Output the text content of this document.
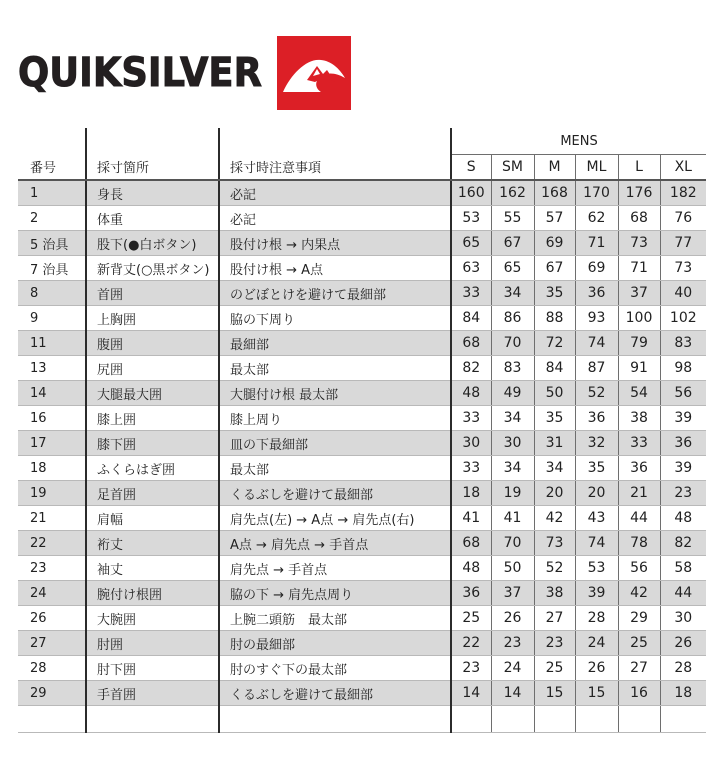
QUIKSILVER
			MENS					
番号	採寸箇所	採寸時注意事項	S	SM	M	ML	L	XL
1	身長	必記	160	162	168	170	176	182
2	体重	必記	53	55	57	62	68	76
5 治具	股下(●白ボタン)	股付け根 → 内果点	65	67	69	71	73	77
7 治具	新背丈(○黒ボタン)	股付け根 → A点	63	65	67	69	71	73
8	首囲	のどぼとけを避けて最細部	33	34	35	36	37	40
9	上胸囲	脇の下周り	84	86	88	93	100	102
11	腹囲	最細部	68	70	72	74	79	83
13	尻囲	最太部	82	83	84	87	91	98
14	大腿最大囲	大腿付け根 最太部	48	49	50	52	54	56
16	膝上囲	膝上周り	33	34	35	36	38	39
17	膝下囲	皿の下最細部	30	30	31	32	33	36
18	ふくらはぎ囲	最太部	33	34	34	35	36	39
19	足首囲	くるぶしを避けて最細部	18	19	20	20	21	23
21	肩幅	肩先点(左) → A点 → 肩先点(右)	41	41	42	43	44	48
22	裄丈	A点 → 肩先点 → 手首点	68	70	73	74	78	82
23	袖丈	肩先点 → 手首点	48	50	52	53	56	58
24	腕付け根囲	脇の下 → 肩先点周り	36	37	38	39	42	44
26	大腕囲	上腕二頭筋　最太部	25	26	27	28	29	30
27	肘囲	肘の最細部	22	23	23	24	25	26
28	肘下囲	肘のすぐ下の最太部	23	24	25	26	27	28
29	手首囲	くるぶしを避けて最細部	14	14	15	15	16	18
